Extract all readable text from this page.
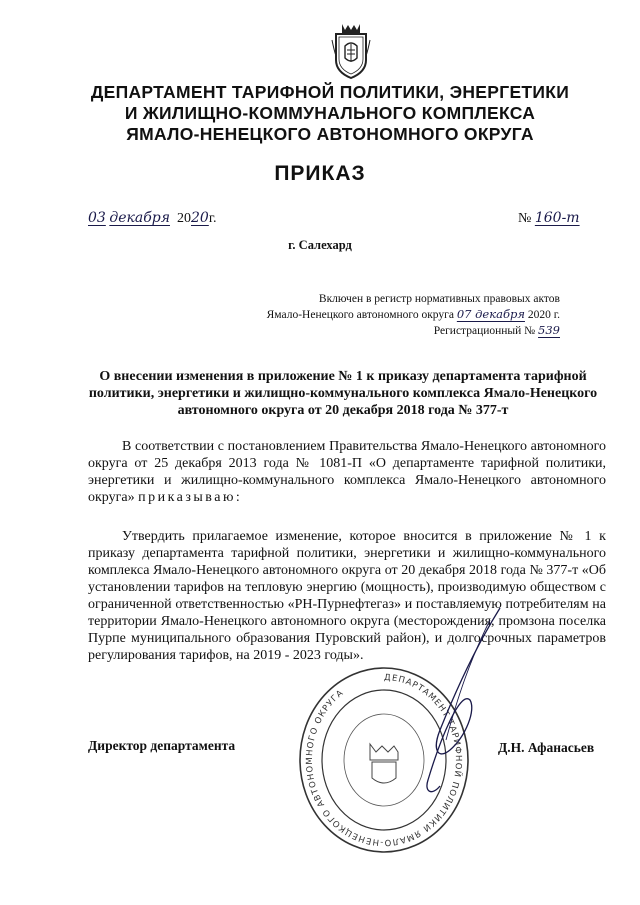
ДЕПАРТАМЕНТ ТАРИФНОЙ ПОЛИТИКИ, ЭНЕРГЕТИКИ
И ЖИЛИЩНО-КОММУНАЛЬНОГО КОМПЛЕКСА
ЯМАЛО-НЕНЕЦКОГО АВТОНОМНОГО ОКРУГА
ПРИКАЗ
03 декабря 2020г.	№ 160-т
г. Салехард
Включен в регистр нормативных правовых актов
Ямало-Ненецкого автономного округа 07 декабря 2020 г.
Регистрационный № 539
О внесении изменения в приложение № 1 к приказу департамента тарифной политики, энергетики и жилищно-коммунального комплекса Ямало-Ненецкого автономного округа от 20 декабря 2018 года № 377-т
В соответствии с постановлением Правительства Ямало-Ненецкого автономного округа от 25 декабря 2013 года № 1081-П «О департаменте тарифной политики, энергетики и жилищно-коммунального комплекса Ямало-Ненецкого автономного округа» приказываю:
Утвердить прилагаемое изменение, которое вносится в приложение № 1 к приказу департамента тарифной политики, энергетики и жилищно-коммунального комплекса Ямало-Ненецкого автономного округа от 20 декабря 2018 года № 377-т «Об установлении тарифов на тепловую энергию (мощность), производимую обществом с ограниченной ответственностью «РН-Пурнефтегаз» и поставляемую потребителям на территории Ямало-Ненецкого автономного округа (месторождения, промзона поселка Пурпе муниципального образования Пуровский район), и долгосрочных параметров регулирования тарифов, на 2019 - 2023 годы».
ДЕПАРТАМЕНТ ТАРИФНОЙ ПОЛИТИКИ ЯМАЛО-НЕНЕЦКОГО АВТОНОМНОГО ОКРУГА
Директор департамента	Д.Н. Афанасьев
